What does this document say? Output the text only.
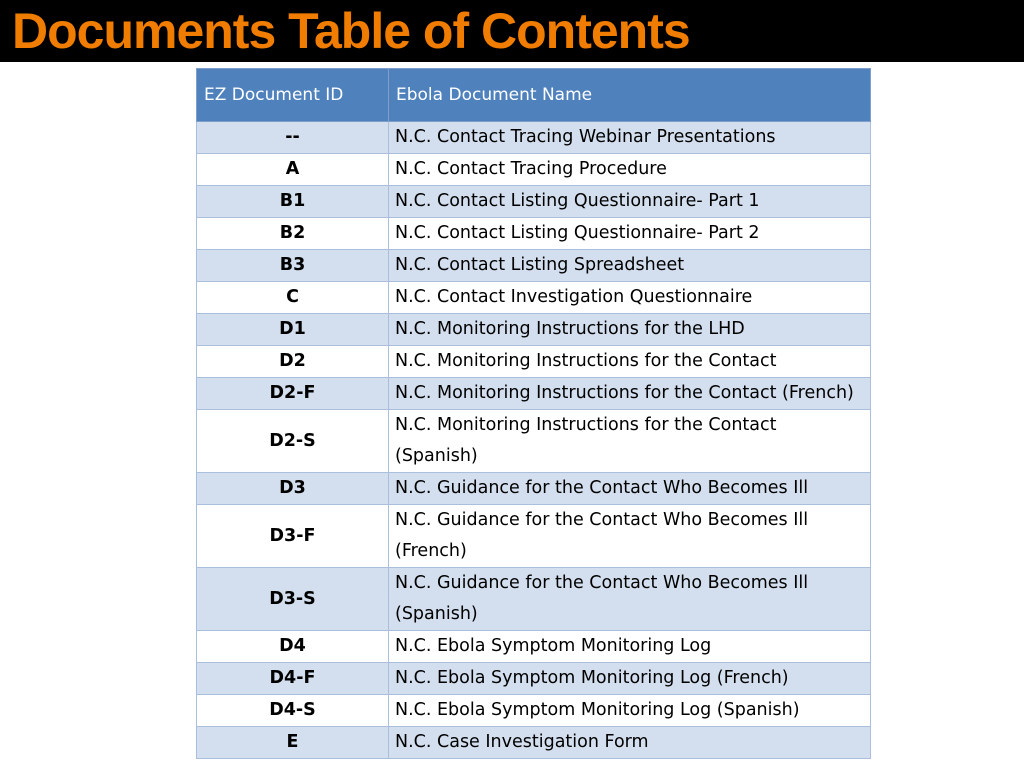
Documents Table of Contents
EZ Document ID	Ebola Document Name
--	N.C. Contact Tracing Webinar Presentations
A	N.C. Contact Tracing Procedure
B1	N.C. Contact Listing Questionnaire- Part 1
B2	N.C. Contact Listing Questionnaire- Part 2
B3	N.C. Contact Listing Spreadsheet
C	N.C. Contact Investigation Questionnaire
D1	N.C. Monitoring Instructions for the LHD
D2	N.C. Monitoring Instructions for the Contact
D2-F	N.C. Monitoring Instructions for the Contact (French)
D2-S	N.C. Monitoring Instructions for the Contact (Spanish)
D3	N.C. Guidance for the Contact Who Becomes Ill
D3-F	N.C. Guidance for the Contact Who Becomes Ill (French)
D3-S	N.C. Guidance for the Contact Who Becomes Ill (Spanish)
D4	N.C. Ebola Symptom Monitoring Log
D4-F	N.C. Ebola Symptom Monitoring Log (French)
D4-S	N.C. Ebola Symptom Monitoring Log (Spanish)
E	N.C. Case Investigation Form
